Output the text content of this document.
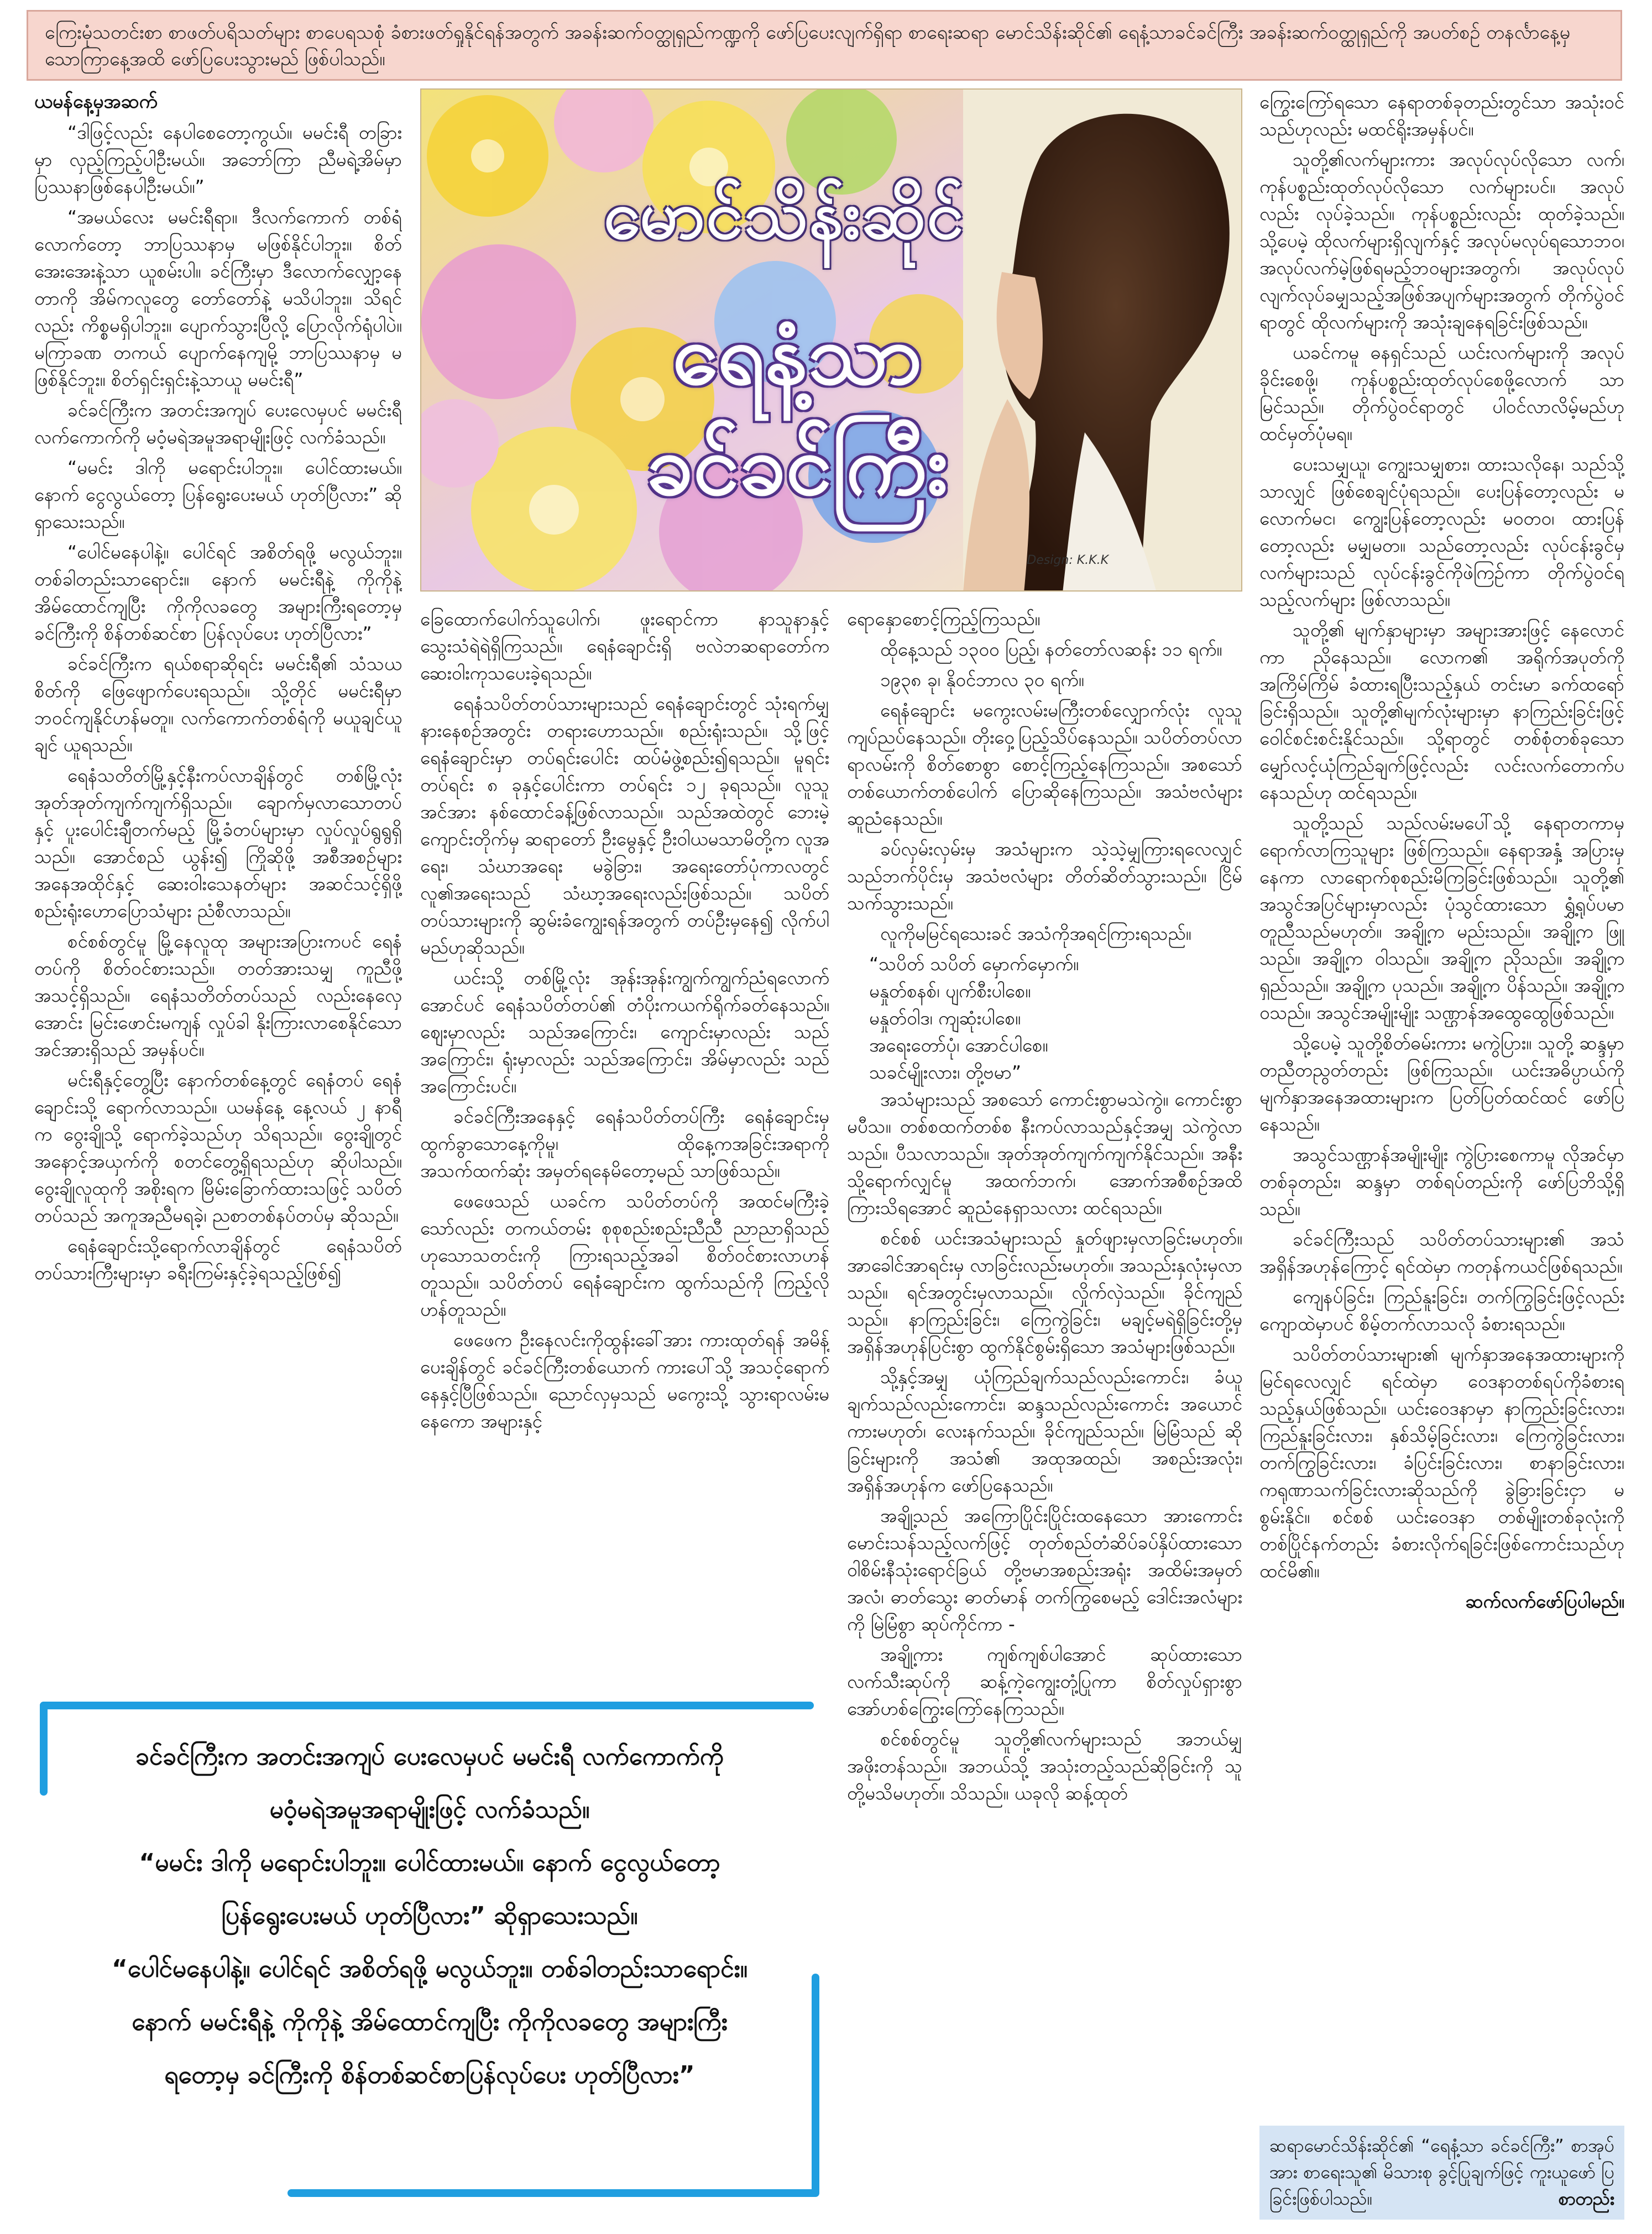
ကြေးမုံသတင်းစာ စာဖတ်ပရိသတ်များ စာပေရသစုံ ခံစားဖတ်ရှုနိုင်ရန်အတွက် အခန်းဆက်ဝတ္ထုရှည်ကဏ္ဍကို ဖော်ပြပေးလျက်ရှိရာ စာရေးဆရာ မောင်သိန်းဆိုင်၏ ရေနံ့သာခင်ခင်ကြီး အခန်းဆက်ဝတ္ထုရှည်ကို အပတ်စဉ် တနင်္လာနေ့မှ သောကြာနေ့အထိ ဖော်ပြပေးသွားမည် ဖြစ်ပါသည်။

ယမန်နေ့မှအဆက်

“ဒါဖြင့်လည်း နေပါစေတော့ကွယ်။ မမင်းရီ တခြားမှာ လှည့်ကြည့်ပါဦးမယ်။ အဘော်ကြာ ညီမရဲ့အိမ်မှာ ပြဿနာဖြစ်နေပါဦးမယ်။”

“အမယ်လေး မမင်းရီရာ။ ဒီလက်ကောက် တစ်ရံလောက်တော့ ဘာပြဿနာမှ မဖြစ်နိုင်ပါဘူး။ စိတ်အေးအေးနဲ့သာ ယူစမ်းပါ။ ခင်ကြီးမှာ ဒီလောက်လျှော့နေတာကို အိမ်ကလူတွေ တော်တော်နဲ့ မသိပါဘူး။ သိရင်လည်း ကိစ္စမရှိပါဘူး။ ပျောက်သွားပြီလို့ ပြောလိုက်ရုံပါပဲ။ မကြာခဏ တကယ် ပျောက်နေကျမို့ ဘာပြဿနာမှ မဖြစ်နိုင်ဘူး။ စိတ်ရှင်းရှင်းနဲ့သာယူ မမင်းရီ”

ခင်ခင်ကြီးက အတင်းအကျပ် ပေးလေမှပင် မမင်းရီ လက်ကောက်ကို မဝံ့မရဲအမူအရာမျိုးဖြင့် လက်ခံသည်။

“မမင်း ဒါကို မရောင်းပါဘူး။ ပေါင်ထားမယ်။ နောက် ငွေလွယ်တော့ ပြန်ရွေးပေးမယ် ဟုတ်ပြီလား” ဆိုရှာသေးသည်။

“ပေါင်မနေပါနဲ့။ ပေါင်ရင် အစိတ်ရဖို့ မလွယ်ဘူး။ တစ်ခါတည်းသာရောင်း။ နောက် မမင်းရီနဲ့ ကိုကိုနဲ့ အိမ်ထောင်ကျပြီး ကိုကိုလခတွေ အများကြီးရတော့မှ ခင်ကြီးကို စိန်တစ်ဆင်စာ ပြန်လုပ်ပေး ဟုတ်ပြီလား”

ခင်ခင်ကြီးက ရယ်စရာဆိုရင်း မမင်းရီ၏ သံသယစိတ်ကို ဖြေဖျောက်ပေးရသည်။ သို့တိုင် မမင်းရီမှာ ဘဝင်ကျနိုင်ဟန်မတူ။ လက်ကောက်တစ်ရံကို မယူချင်ယူချင် ယူရသည်။

ရေနံသတိတ်မြို့နှင့်နီးကပ်လာချိန်တွင် တစ်မြို့လုံး အုတ်အုတ်ကျက်ကျက်ရှိသည်။ ချောက်မှလာသောတပ်နှင့် ပူးပေါင်းချီတက်မည့် မြို့ခံတပ်များမှာ လှုပ်လှုပ်ရွရွရှိသည်။ အောင်စည် ယွန်း၍ ကြိုဆိုဖို့ အစီအစဉ်များ အနေအထိုင်နှင့် ဆေးဝါးသေနတ်များ အဆင်သင့်ရှိဖို့ စည်းရုံးဟောပြောသံများ ညံစီလာသည်။

စင်စစ်တွင်မူ မြို့နေလူထု အများအပြားကပင် ရေနံတပ်ကို စိတ်ဝင်စားသည်။ တတ်အားသမျှ ကူညီဖို့ အသင့်ရှိသည်။ ရေနံသတိတ်တပ်သည် လည်းနေလှေအောင်း မြင်းဖောင်းမကျန် လှုပ်ခါ နိုးကြားလာစေနိုင်သော အင်အားရှိသည် အမှန်ပင်။

မင်းရီနှင့်တွေ့ပြီး နောက်တစ်နေ့တွင် ရေနံတပ် ရေနံချောင်းသို့ ရောက်လာသည်။ ယမန်နေ့ နေ့လယ် ၂ နာရီက ဝွေးချိုသို့ ရောက်ခဲ့သည်ဟု သိရသည်။ ဝွေးချိုတွင် အနောင့်အယှက်ကို စတင်တွေ့ရှိရသည်ဟု ဆိုပါသည်။ ဝွေးချိုလူထုကို အစိုးရက မြိမ်းခြောက်ထားသဖြင့် သပိတ်တပ်သည် အကူအညီမရခဲ့၊ ညစာတစ်နပ်တပ်မှ ဆိုသည်။

ရေနံချောင်းသို့ရောက်လာချိန်တွင် ရေနံသပိတ်တပ်သားကြီးများမှာ ခရီးကြမ်းနှင့်ခဲ့ရသည့်ဖြစ်၍

မောင်သိန်းဆိုင်
ရေနံ့သာ
ခင်ခင်ကြီး
Design: K.K.K

ခြေထောက်ပေါက်သူပေါက်၊ ဖူးရောင်ကာ နာသူနာနှင့် သွေးသံရဲရဲရှိကြသည်။ ရေနံချောင်းရှိ ဗလဲဘဆရာတော်က ဆေးဝါးကုသပေးခဲ့ရသည်။

ရေနံသပိတ်တပ်သားများသည် ရေနံချောင်းတွင် သုံးရက်မျှ နားနေစဉ်အတွင်း တရားဟောသည်။ စည်းရုံးသည်။ သို့ဖြင့် ရေနံချောင်းမှာ တပ်ရင်းပေါင်း ထပ်မံဖွဲ့စည်း၍ရသည်။ မူရင်းတပ်ရင်း ၈ ခုနှင့်ပေါင်းကာ တပ်ရင်း ၁၂ ခုရသည်။ လူသူအင်အား နစ်ထောင်ခန့်ဖြစ်လာသည်။ သည်အထဲတွင် ဘေးမဲ့ကျောင်းတိုက်မှ ဆရာတော် ဦးမွေနှင့် ဦးဝါယမသာမိတို့က လူအရေး၊ သံဃာအရေး မခွဲခြား၊ အရေးတော်ပုံကာလတွင် လူ၏အရေးသည် သံဃာ့အရေးလည်းဖြစ်သည်။ သပိတ်တပ်သားများကို ဆွမ်းခံကျွေးရန်အတွက် တပ်ဦးမှနေ၍ လိုက်ပါမည်ဟုဆိုသည်။

ယင်းသို့ တစ်မြို့လုံး အုန်းအုန်းကျွက်ကျွက်ညံရလောက်အောင်ပင် ရေနံသပိတ်တပ်၏ တံပိုးကယက်ရိုက်ခတ်နေသည်။ ဈေးမှာလည်း သည်အကြောင်း၊ ကျောင်းမှာလည်း သည်အကြောင်း၊ ရုံးမှာလည်း သည်အကြောင်း၊ အိမ်မှာလည်း သည်အကြောင်းပင်။

ခင်ခင်ကြီးအနေနှင့် ရေနံသပိတ်တပ်ကြီး ရေနံချောင်းမှ ထွက်ခွာသောနေ့ကိုမူ၊ ထိုနေ့ကအခြင်းအရာကို အသက်ထက်ဆုံး အမှတ်ရနေမိတော့မည် သာဖြစ်သည်။

ဖေဖေသည် ယခင်က သပိတ်တပ်ကို အထင်မကြီးခဲ့သော်လည်း တကယ်တမ်း စုစုစည်းစည်းညီညီ ညာညာရှိသည်ဟုသောသတင်းကို ကြားရသည့်အခါ စိတ်ဝင်စားလာဟန်တူသည်။ သပိတ်တပ် ရေနံချောင်းက ထွက်သည်ကို ကြည့်လိုဟန်တူသည်။

ဖေဖေက ဦးနေလင်းကိုထွန်းခေါ်အား ကားထုတ်ရန် အမိန့်ပေးချိန်တွင် ခင်ခင်ကြီးတစ်ယောက် ကားပေါ်သို့ အသင့်ရောက်နေနှင့်ပြီဖြစ်သည်။ ညောင်လှမှသည် မကွေးသို့ သွားရာလမ်းမနေကော အများနှင့်

ရောနှောစောင့်ကြည့်ကြသည်။

ထိုနေ့သည် ၁၃၀၀ ပြည့်၊ နတ်တော်လဆန်း ၁၁ ရက်။

၁၉၃၈ ခု၊ နိုဝင်ဘာလ ၃၀ ရက်။

ရေနံချောင်း မကွေးလမ်းမကြီးတစ်လျှောက်လုံး လူသူကျပ်ညပ်နေသည်။ တိုးဝှေ့ပြည့်သိပ်နေသည်။ သပိတ်တပ်လာရာလမ်းကို စိတ်စောစွာ စောင့်ကြည့်နေကြသည်။ အစသော် တစ်ယောက်တစ်ပေါက် ပြောဆိုနေကြသည်။ အသံဗလံများ ဆူညံနေသည်။

ခပ်လှမ်းလှမ်းမှ အသံများက သဲ့သဲ့မျှကြားရလေလျှင် သည်ဘက်ပိုင်းမှ အသံဗလံများ တိတ်ဆိတ်သွားသည်။ ငြိမ်သက်သွားသည်။

လူကိုမမြင်ရသေးခင် အသံကိုအရင်ကြားရသည်။

“သပိတ် သပိတ် မှောက်မှောက်။

မနှုတ်စနစ်၊ ပျက်စီးပါစေ။

မနှုတ်ဝါဒ၊ ကျဆုံးပါစေ။

အရေးတော်ပုံ၊ အောင်ပါစေ။

သခင်မျိုးလား၊ တို့ဗမာ”

အသံများသည် အစသော် ကောင်းစွာမသဲကွဲ။ ကောင်းစွာမပီသ။ တစ်စထက်တစ်စ နီးကပ်လာသည်နှင့်အမျှ သဲကွဲလာသည်။ ပီသလာသည်။ အုတ်အုတ်ကျက်ကျက်နိုင်သည်။ အနီးသို့ရောက်လျှင်မူ အထက်ဘက်၊ အောက်အစီစဉ်အထိ ကြားသိရအောင် ဆူညံနေရှာသလား ထင်ရသည်။

စင်စစ် ယင်းအသံများသည် နှုတ်ဖျားမှလာခြင်းမဟုတ်။ အာခေါင်အာရင်းမှ လာခြင်းလည်းမဟုတ်။ အသည်းနှလုံးမှလာသည်။ ရင်အတွင်းမှလာသည်။ လှိုက်လှဲသည်။ ခိုင်ကျည်သည်။ နာကြည်းခြင်း၊ ကြေကွဲခြင်း၊ မချင့်မရဲရှိခြင်းတို့မှ အရှိန်အဟုန်ပြင်းစွာ ထွက်နိုင်စွမ်းရှိသော အသံများဖြစ်သည်။

သို့နှင့်အမျှ ယုံကြည်ချက်သည်လည်းကောင်း၊ ခံယူချက်သည်လည်းကောင်း၊ ဆန္ဒသည်လည်းကောင်း အယောင်ကားမဟုတ်၊ လေးနက်သည်။ ခိုင်ကျည်သည်။ မြဲမြံသည် ဆိုခြင်းများကို အသံ၏ အထုအထည်၊ အစည်းအလုံး၊ အရှိန်အဟုန်က ဖော်ပြနေသည်။

အချို့သည် အကြောပြိုင်းပြိုင်းထနေသော အားကောင်းမောင်းသန်သည့်လက်ဖြင့် တုတ်စည်တံဆိပ်ခပ်နှိပ်ထားသော ဝါစိမ်းနီသုံးရောင်ခြယ် တို့ဗမာအစည်းအရုံး အထိမ်းအမှတ်အလံ၊ ဓာတ်သွေး ဓာတ်မာန် တက်ကြွစေမည့် ဒေါင်းအလံများကို မြဲမြံစွာ ဆုပ်ကိုင်ကာ -

အချို့ကား ကျစ်ကျစ်ပါအောင် ဆုပ်ထားသော လက်သီးဆုပ်ကို ဆန့်ကဲ့ကျွေးတုံ့ပြုကာ စိတ်လှုပ်ရှားစွာ အော်ဟစ်ကြွေးကြော်နေကြသည်။

စင်စစ်တွင်မူ သူတို့၏လက်များသည် အဘယ်မျှ အဖိုးတန်သည်။ အဘယ်သို့ အသုံးတည့်သည်ဆိုခြင်းကို သူတို့မသိမဟုတ်။ သိသည်။ ယခုလို ဆန့်ထုတ်

ကြွေးကြော်ရသော နေရာတစ်ခုတည်းတွင်သာ အသုံးဝင်သည်ဟုလည်း မထင်ရိုးအမှန်ပင်။

သူတို့၏လက်များကား အလုပ်လုပ်လိုသော လက်၊ ကုန်ပစ္စည်းထုတ်လုပ်လိုသော လက်များပင်။ အလုပ်လည်း လုပ်ခဲ့သည်။ ကုန်ပစ္စည်းလည်း ထုတ်ခဲ့သည်။ သို့ပေမဲ့ ထိုလက်များရှိလျက်နှင့် အလုပ်မလုပ်ရသောဘဝ၊ အလုပ်လက်မဲ့ဖြစ်ရမည့်ဘဝများအတွက်၊ အလုပ်လုပ်လျက်လုပ်ခမျှသည့်အဖြစ်အပျက်များအတွက် တိုက်ပွဲဝင်ရာတွင် ထိုလက်များကို အသုံးချနေရခြင်းဖြစ်သည်။

ယခင်ကမူ ဓနရှင်သည် ယင်းလက်များကို အလုပ်ခိုင်းစေဖို့၊ ကုန်ပစ္စည်းထုတ်လုပ်စေဖို့လောက် သာမြင်သည်။ တိုက်ပွဲဝင်ရာတွင် ပါဝင်လာလိမ့်မည်ဟု ထင်မှတ်ပုံမရ။

ပေးသမျှယူ၊ ကျွေးသမျှစား၊ ထားသလိုနေ၊ သည်သို့သာလျှင် ဖြစ်စေချင်ပုံရသည်။ ပေးပြန်တော့လည်း မလောက်မင၊ ကျွေးပြန်တော့လည်း မဝတဝ၊ ထားပြန်တော့လည်း မမျှမတ။ သည်တော့လည်း လုပ်ငန်းခွင်မှ လက်များသည် လုပ်ငန်းခွင်ကိုဖဲကြဉ်ကာ တိုက်ပွဲဝင်ရသည့်လက်များ ဖြစ်လာသည်။

သူတို့၏ မျက်နှာများမှာ အများအားဖြင့် နေလောင်ကာ ညိုနေသည်။ လောက၏ အရိုက်အပုတ်ကို အကြိမ်ကြိမ် ခံထားရပြီးသည့်နှယ် တင်းမာ ခက်ထရော်ခြင်းရှိသည်။ သူတို့၏မျက်လုံးများမှာ နာကြည်းခြင်းဖြင့် ဝေါင်စင်းစင်းနိုင်သည်။ သို့ရာတွင် တစ်စုံတစ်ခုသော မျှော်လင့်ယုံကြည်ချက်ဖြင့်လည်း လင်းလက်တောက်ပနေသည်ဟု ထင်ရသည်။

သူတို့သည် သည်လမ်းမပေါ်သို့ နေရာတကာမှ ရောက်လာကြသူများ ဖြစ်ကြသည်။ နေရာအနှံ့ အပြားမှနေကာ လာရောက်စုစည်းမိကြခြင်းဖြစ်သည်။ သူတို့၏ အသွင်အပြင်များမှာလည်း ပုံသွင်ထားသော ရွှံ့ရုပ်ပမာ တူညီသည်မဟုတ်။ အချို့က မည်းသည်။ အချို့က ဖြူသည်။ အချို့က ဝါသည်။ အချို့က ညိုသည်။ အချို့က ရှည်သည်။ အချို့က ပုသည်။ အချို့က ပိန်သည်။ အချို့က ဝသည်။ အသွင်အမျိုးမျိုး သဏ္ဌာန်အထွေထွေဖြစ်သည်။

သို့ပေမဲ့ သူတို့စိတ်ဓမ်းကား မကွဲပြား။ သူတို့ ဆန္ဒမှာ တညီတညွတ်တည်း ဖြစ်ကြသည်။ ယင်းအဓိပ္ပာယ်ကို မျက်နှာအနေအထားများက ပြတ်ပြတ်ထင်ထင် ဖော်ပြနေသည်။

အသွင်သဏ္ဌာန်အမျိုးမျိုး ကွဲပြားစေကာမူ လိုအင်မှာ တစ်ခုတည်း၊ ဆန္ဒမှာ တစ်ရပ်တည်းကို ဖော်ပြဘိသို့ရှိသည်။

ခင်ခင်ကြီးသည် သပိတ်တပ်သားများ၏ အသံ အရှိန်အဟုန်ကြောင့် ရင်ထဲမှာ ကတုန်ကယင်ဖြစ်ရသည်။

ကျေနပ်ခြင်း၊ ကြည်နူးခြင်း၊ တက်ကြွခြင်းဖြင့်လည်း ကျောထဲမှာပင် စိမ့်တက်လာသလို ခံစားရသည်။

သပိတ်တပ်သားများ၏ မျက်နှာအနေအထားများကို မြင်ရလေလျှင် ရင်ထဲမှာ ဝေဒနာတစ်ရပ်ကိုခံစားရသည့်နှယ်ဖြစ်သည်။ ယင်းဝေဒနာမှာ နာကြည်းခြင်းလား၊ ကြည်နူးခြင်းလား၊ နှစ်သိမ့်ခြင်းလား၊ ကြေကွဲခြင်းလား၊ တက်ကြွခြင်းလား၊ ခံပြင်းခြင်းလား၊ စာနာခြင်းလား၊ ကရုဏာသက်ခြင်းလားဆိုသည်ကို ခွဲခြားခြင်းငှာ မစွမ်းနိုင်။ စင်စစ် ယင်းဝေဒနာ တစ်မျိုးတစ်ခုလုံးကို တစ်ပြိုင်နက်တည်း ခံစားလိုက်ရခြင်းဖြစ်ကောင်းသည်ဟု ထင်မိ၏။

ဆက်လက်ဖော်ပြပါမည်။

ခင်ခင်ကြီးက အတင်းအကျပ် ပေးလေမှပင် မမင်းရီ လက်ကောက်ကို
မဝံ့မရဲအမူအရာမျိုးဖြင့် လက်ခံသည်။
“မမင်း ဒါကို မရောင်းပါဘူး။ ပေါင်ထားမယ်။ နောက် ငွေလွယ်တော့
ပြန်ရွေးပေးမယ် ဟုတ်ပြီလား” ဆိုရှာသေးသည်။
“ပေါင်မနေပါနဲ့။ ပေါင်ရင် အစိတ်ရဖို့ မလွယ်ဘူး။ တစ်ခါတည်းသာရောင်း။
နောက် မမင်းရီနဲ့ ကိုကိုနဲ့ အိမ်ထောင်ကျပြီး ကိုကိုလခတွေ အများကြီး
ရတော့မှ ခင်ကြီးကို စိန်တစ်ဆင်စာပြန်လုပ်ပေး ဟုတ်ပြီလား”
ဆရာမောင်သိန်းဆိုင်၏ “ရေနံ့သာ ခင်ခင်ကြီး” စာအုပ်အား စာရေးသူ၏ မိသားစု ခွင့်ပြုချက်ဖြင့် ကူးယူဖော် ပြခြင်းဖြစ်ပါသည်။	စာတည်း
